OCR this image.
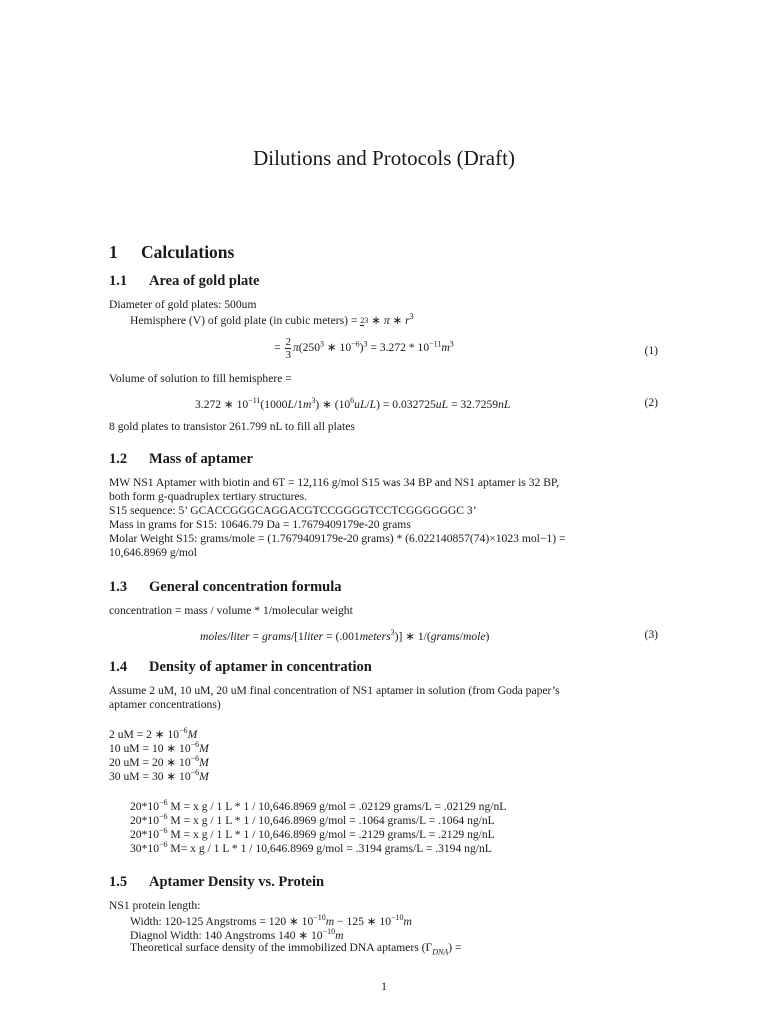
Dilutions and Protocols (Draft)
1 Calculations
1.1 Area of gold plate
Diameter of gold plates: 500um
Hemisphere (V) of gold plate (in cubic meters) = 23 ∗ π ∗ $r^3$
= $\frac{2}{3} \pi(250^3$ ∗ $10^{-6})^3 = 3.272 * 10^{-11}m^3$
(1)
Volume of solution to fill hemisphere =
3.272 ∗ $10^{-11}(1000L/1m^3)$ ∗ $(10^6uL/L) = 0.032725uL = 32.7259nL$	(2)
8 gold plates to transistor 261.799 nL to fill all plates
1.2 Mass of aptamer
MW NS1 Aptamer with biotin and 6T = 12,116 g/mol S15 was 34 BP and NS1 aptamer is 32 BP,
both form g-quadruplex tertiary structures.
S15 sequence: 5’ GCACCGGGCAGGACGTCCGGGGTCCTCGGGGGGC 3’
Mass in grams for S15: 10646.79 Da = 1.7679409179e-20 grams
Molar Weight S15: grams/mole = (1.7679409179e-20 grams) * (6.022140857(74)×1023 mol−1) =
10,646.8969 g/mol
1.3 General concentration formula
concentration = mass / volume * 1/molecular weight
moles/liter = grams/[1liter = (.001meters$^3$)] ∗ 1/(grams/mole)	(3)
1.4 Density of aptamer in concentration
Assume 2 uM, 10 uM, 20 uM final concentration of NS1 aptamer in solution (from Goda paper’s
aptamer concentrations)
2 uM = 2 ∗ $10^{-6}M$
10 uM = 10 ∗ $10^{-6}M$
20 uM = 20 ∗ $10^{-6}M$
30 uM = 30 ∗ $10^{-6}M$
$20*10^{-6}$ M = x g / 1 L * 1 / 10,646.8969 g/mol = .02129 grams/L = .02129 ng/nL
$20*10^{-6}$ M = x g / 1 L * 1 / 10,646.8969 g/mol = .1064 grams/L = .1064 ng/nL
$20*10^{-6}$ M = x g / 1 L * 1 / 10,646.8969 g/mol = .2129 grams/L = .2129 ng/nL
$30*10^{-6}$ M= x g / 1 L * 1 / 10,646.8969 g/mol = .3194 grams/L = .3194 ng/nL
1.5 Aptamer Density vs. Protein
NS1 protein length:
Width: 120-125 Angstroms = 120 ∗ $10^{-10}m - 125$ ∗ $10^{-10}m$
Diagnol Width: 140 Angstroms 140 ∗ $10^{-10}m$
Theoretical surface density of the immobilized DNA aptamers $(\Gamma_{DNA})$ =
1
